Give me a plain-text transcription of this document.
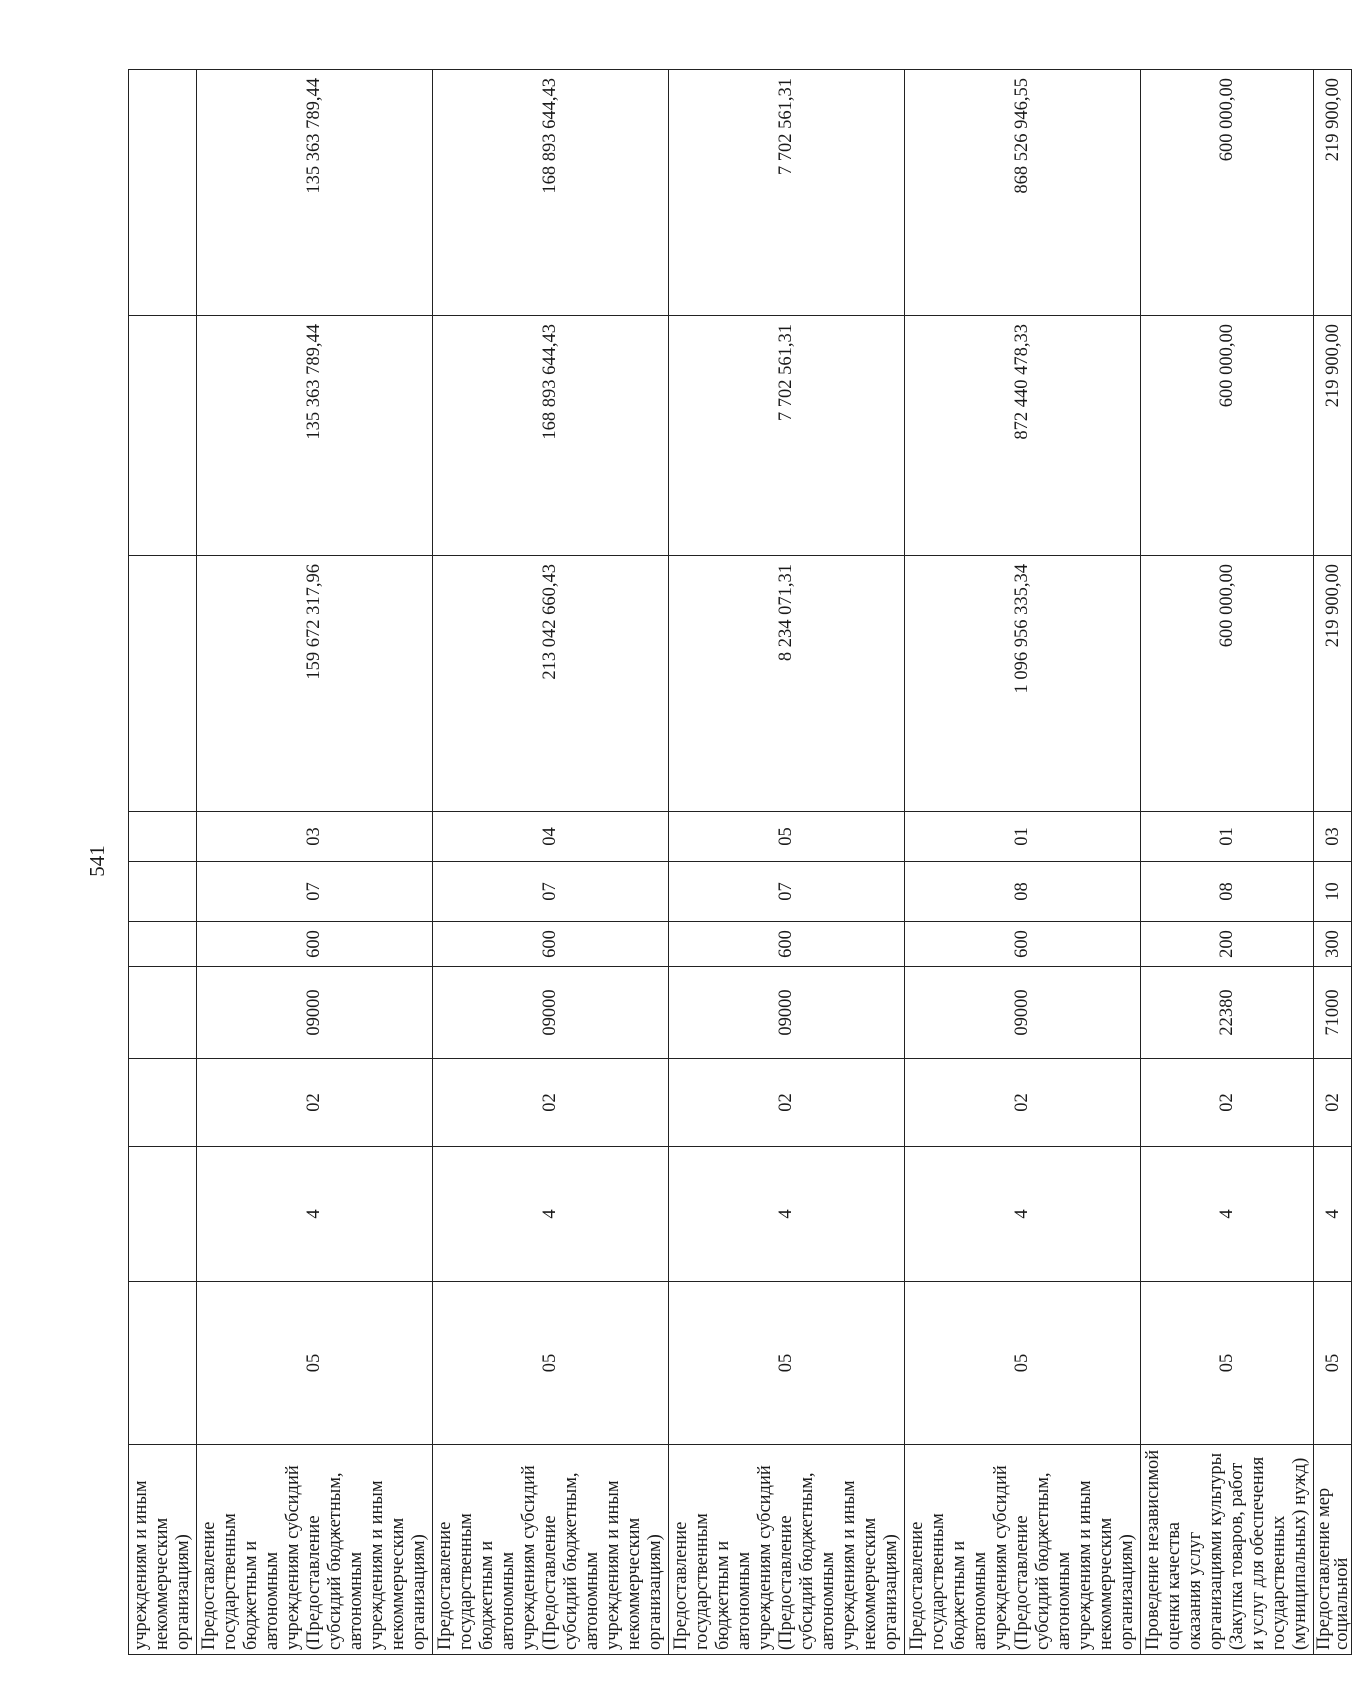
541
учреждениям и иным некоммерческим организациям)										
Предоставление государственным бюджетным и автономным учреждениям субсидий (Предоставление субсидий бюджетным, автономным учреждениям и иным некоммерческим организациям)	05	4	02	09000	600	07	03	159 672 317,96	135 363 789,44	135 363 789,44
Предоставление государственным бюджетным и автономным учреждениям субсидий (Предоставление субсидий бюджетным, автономным учреждениям и иным некоммерческим организациям)	05	4	02	09000	600	07	04	213 042 660,43	168 893 644,43	168 893 644,43
Предоставление государственным бюджетным и автономным учреждениям субсидий (Предоставление субсидий бюджетным, автономным учреждениям и иным некоммерческим организациям)	05	4	02	09000	600	07	05	8 234 071,31	7 702 561,31	7 702 561,31
Предоставление государственным бюджетным и автономным учреждениям субсидий (Предоставление субсидий бюджетным, автономным учреждениям и иным некоммерческим организациям)	05	4	02	09000	600	08	01	1 096 956 335,34	872 440 478,33	868 526 946,55
Проведение независимой оценки качества оказания услуг организациями культуры (Закупка товаров, работ и услуг для обеспечения государственных (муниципальных) нужд)	05	4	02	22380	200	08	01	600 000,00	600 000,00	600 000,00
Предоставление мер социальной	05	4	02	71000	300	10	03	219 900,00	219 900,00	219 900,00
